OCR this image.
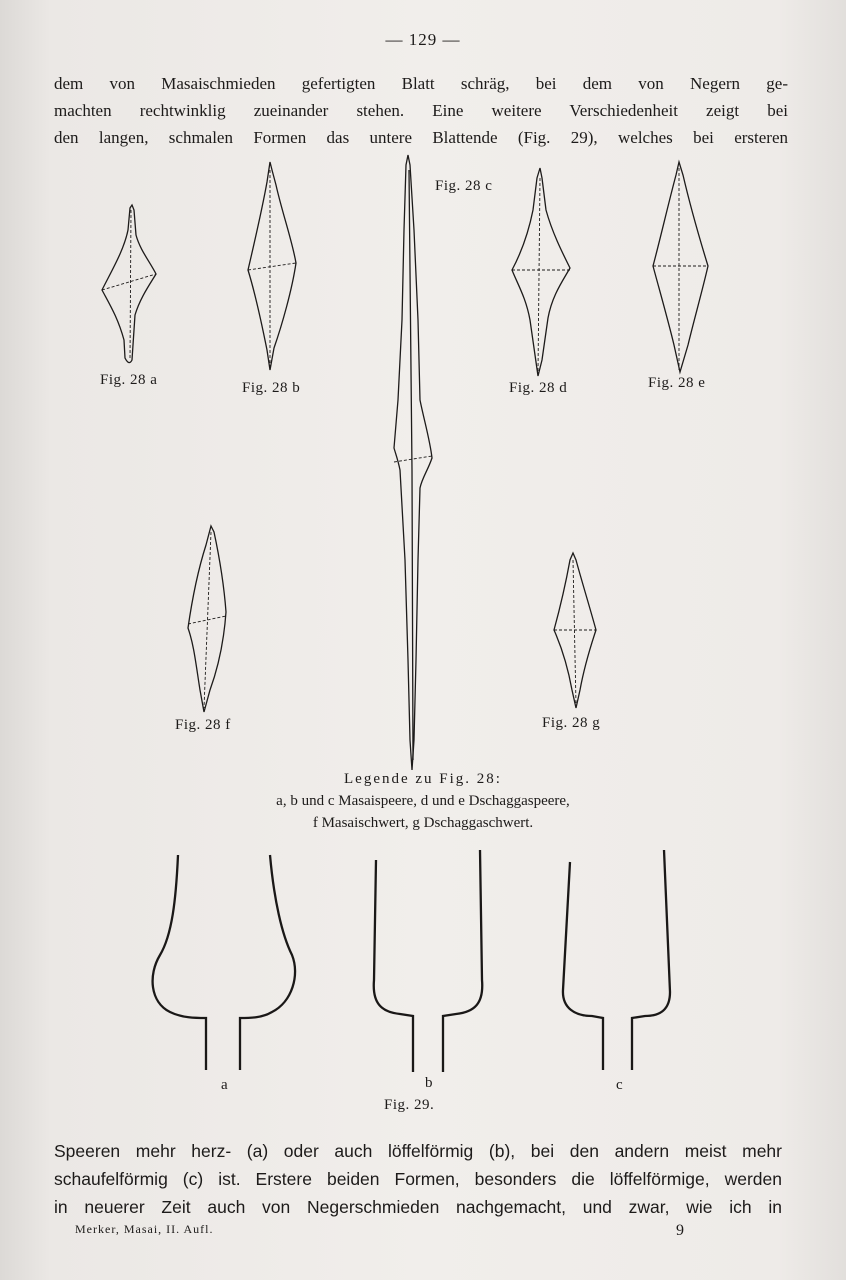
— 129 —
dem von Masaischmieden gefertigten Blatt schräg, bei dem von Negern ge-
machten rechtwinklig zueinander stehen. Eine weitere Verschiedenheit zeigt bei
den langen, schmalen Formen das untere Blattende (Fig. 29), welches bei ersteren
Fig. 28 a	Fig. 28 b
Fig. 28 c
Fig. 28 d	Fig. 28 e
Fig. 28 f	Fig. 28 g
Legende zu Fig. 28:
a, b und c Masaispeere, d und e Dschaggaspeere,
f Masaischwert, g Dschaggaschwert.
a	b	c
Fig. 29.
Speeren mehr herz- (a) oder auch löffelförmig (b), bei den andern meist mehr
schaufelförmig (c) ist. Erstere beiden Formen, besonders die löffelförmige, werden
in neuerer Zeit auch von Negerschmieden nachgemacht, und zwar, wie ich in
Merker, Masai, II. Aufl.	9
